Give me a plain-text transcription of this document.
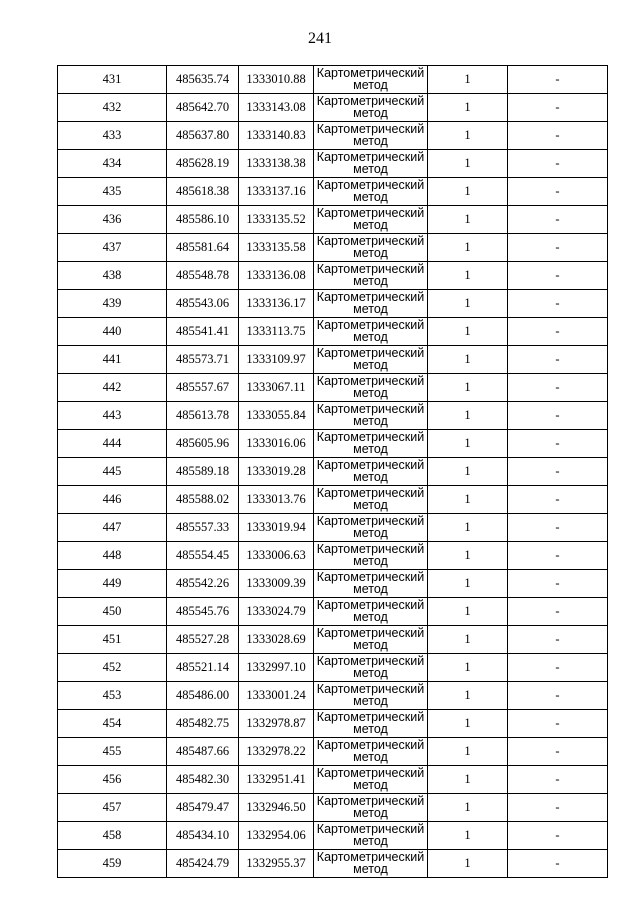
241
431	485635.74	1333010.88	Картометрический метод	1	-
432	485642.70	1333143.08	Картометрический метод	1	-
433	485637.80	1333140.83	Картометрический метод	1	-
434	485628.19	1333138.38	Картометрический метод	1	-
435	485618.38	1333137.16	Картометрический метод	1	-
436	485586.10	1333135.52	Картометрический метод	1	-
437	485581.64	1333135.58	Картометрический метод	1	-
438	485548.78	1333136.08	Картометрический метод	1	-
439	485543.06	1333136.17	Картометрический метод	1	-
440	485541.41	1333113.75	Картометрический метод	1	-
441	485573.71	1333109.97	Картометрический метод	1	-
442	485557.67	1333067.11	Картометрический метод	1	-
443	485613.78	1333055.84	Картометрический метод	1	-
444	485605.96	1333016.06	Картометрический метод	1	-
445	485589.18	1333019.28	Картометрический метод	1	-
446	485588.02	1333013.76	Картометрический метод	1	-
447	485557.33	1333019.94	Картометрический метод	1	-
448	485554.45	1333006.63	Картометрический метод	1	-
449	485542.26	1333009.39	Картометрический метод	1	-
450	485545.76	1333024.79	Картометрический метод	1	-
451	485527.28	1333028.69	Картометрический метод	1	-
452	485521.14	1332997.10	Картометрический метод	1	-
453	485486.00	1333001.24	Картометрический метод	1	-
454	485482.75	1332978.87	Картометрический метод	1	-
455	485487.66	1332978.22	Картометрический метод	1	-
456	485482.30	1332951.41	Картометрический метод	1	-
457	485479.47	1332946.50	Картометрический метод	1	-
458	485434.10	1332954.06	Картометрический метод	1	-
459	485424.79	1332955.37	Картометрический метод	1	-
